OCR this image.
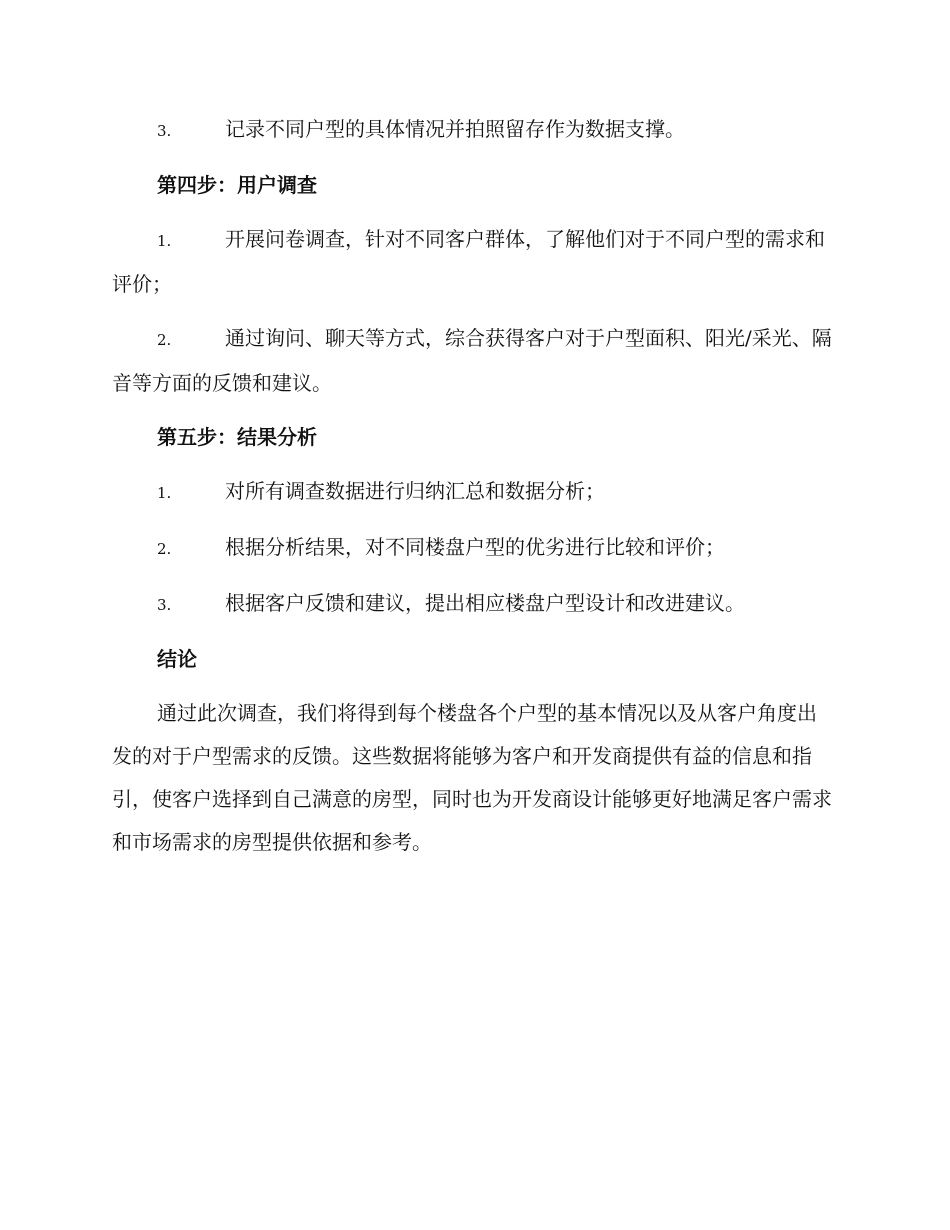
3.	记录不同户型的具体情况并拍照留存作为数据支撑。

第四步：用户调查

1.	开展问卷调查，针对不同客户群体，了解他们对于不同户型的需求和评价；

2.	通过询问、聊天等方式，综合获得客户对于户型面积、阳光/采光、隔音等方面的反馈和建议。

第五步：结果分析

1.	对所有调查数据进行归纳汇总和数据分析；

2.	根据分析结果，对不同楼盘户型的优劣进行比较和评价；

3.	根据客户反馈和建议，提出相应楼盘户型设计和改进建议。

结论

通过此次调查，我们将得到每个楼盘各个户型的基本情况以及从客户角度出发的对于户型需求的反馈。这些数据将能够为客户和开发商提供有益的信息和指引，使客户选择到自己满意的房型，同时也为开发商设计能够更好地满足客户需求和市场需求的房型提供依据和参考。
